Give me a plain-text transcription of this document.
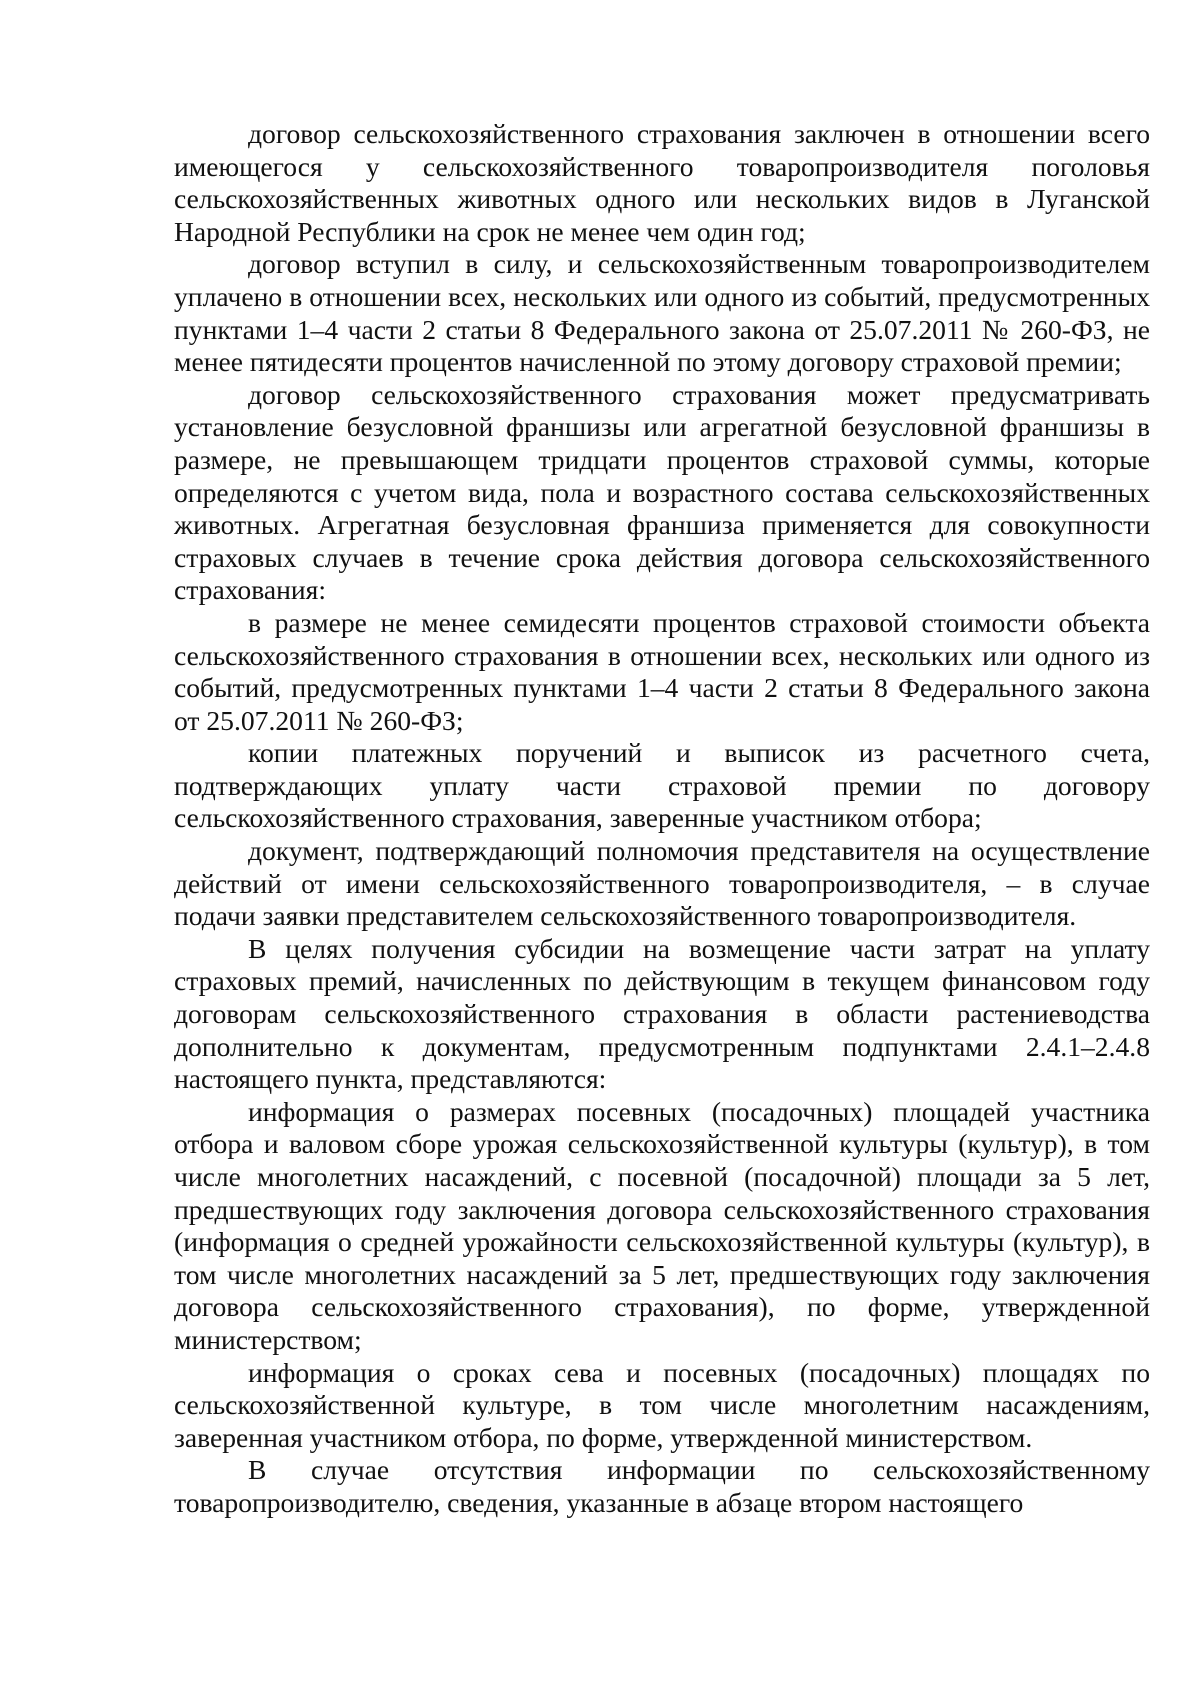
договор сельскохозяйственного страхования заключен в отношении всего имеющегося у сельскохозяйственного товаропроизводителя поголовья сельскохозяйственных животных одного или нескольких видов в Луганской Народной Республики на срок не менее чем один год;

договор вступил в силу, и сельскохозяйственным товаропроизводителем уплачено в отношении всех, нескольких или одного из событий, предусмотренных пунктами 1–4 части 2 статьи 8 Федерального закона от 25.07.2011 № 260-ФЗ, не менее пятидесяти процентов начисленной по этому договору страховой премии;

договор сельскохозяйственного страхования может предусматривать установление безусловной франшизы или агрегатной безусловной франшизы в размере, не превышающем тридцати процентов страховой суммы, которые определяются с учетом вида, пола и возрастного состава сельскохозяйственных животных. Агрегатная безусловная франшиза применяется для совокупности страховых случаев в течение срока действия договора сельскохозяйственного страхования:

в размере не менее семидесяти процентов страховой стоимости объекта сельскохозяйственного страхования в отношении всех, нескольких или одного из событий, предусмотренных пунктами 1–4 части 2 статьи 8 Федерального закона от 25.07.2011 № 260-ФЗ;

копии платежных поручений и выписок из расчетного счета, подтверждающих уплату части страховой премии по договору сельскохозяйственного страхования, заверенные участником отбора;

документ, подтверждающий полномочия представителя на осуществление действий от имени сельскохозяйственного товаропроизводителя, – в случае подачи заявки представителем сельскохозяйственного товаропроизводителя.

В целях получения субсидии на возмещение части затрат на уплату страховых премий, начисленных по действующим в текущем финансовом году договорам сельскохозяйственного страхования в области растениеводства дополнительно к документам, предусмотренным подпунктами 2.4.1–2.4.8 настоящего пункта, представляются:

информация о размерах посевных (посадочных) площадей участника отбора и валовом сборе урожая сельскохозяйственной культуры (культур), в том числе многолетних насаждений, с посевной (посадочной) площади за 5 лет, предшествующих году заключения договора сельскохозяйственного страхования (информация о средней урожайности сельскохозяйственной культуры (культур), в том числе многолетних насаждений за 5 лет, предшествующих году заключения договора сельскохозяйственного страхования), по форме, утвержденной министерством;

информация о сроках сева и посевных (посадочных) площадях по сельскохозяйственной культуре, в том числе многолетним насаждениям, заверенная участником отбора, по форме, утвержденной министерством.

В случае отсутствия информации по сельскохозяйственному товаропроизводителю, сведения, указанные в абзаце втором настоящего
